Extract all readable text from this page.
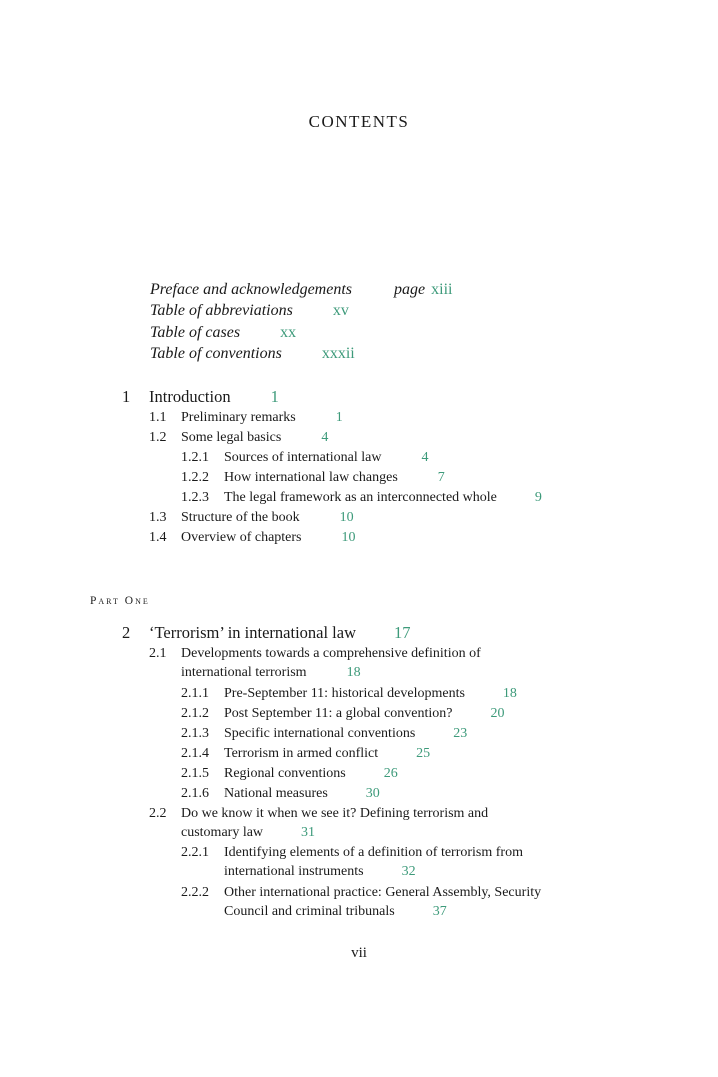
CONTENTS
Preface and acknowledgements	page xiii
Table of abbreviations	xv
Table of cases	xx
Table of conventions	xxxii
1 Introduction 1
1.1 Preliminary remarks	1
1.2 Some legal basics	4
1.2.1 Sources of international law	4
1.2.2 How international law changes	7
1.2.3 The legal framework as an interconnected whole	9
1.3 Structure of the book	10
1.4 Overview of chapters	10
Part One
2 ‘Terrorism’ in international law 17
2.1 Developments towards a comprehensive definition of
international terrorism	18
2.1.1 Pre-September 11: historical developments	18
2.1.2 Post September 11: a global convention?	20
2.1.3 Specific international conventions	23
2.1.4 Terrorism in armed conflict	25
2.1.5 Regional conventions	26
2.1.6 National measures	30
2.2 Do we know it when we see it? Defining terrorism and
customary law	31
2.2.1 Identifying elements of a definition of terrorism from
international instruments	32
2.2.2 Other international practice: General Assembly, Security
Council and criminal tribunals	37
vii
